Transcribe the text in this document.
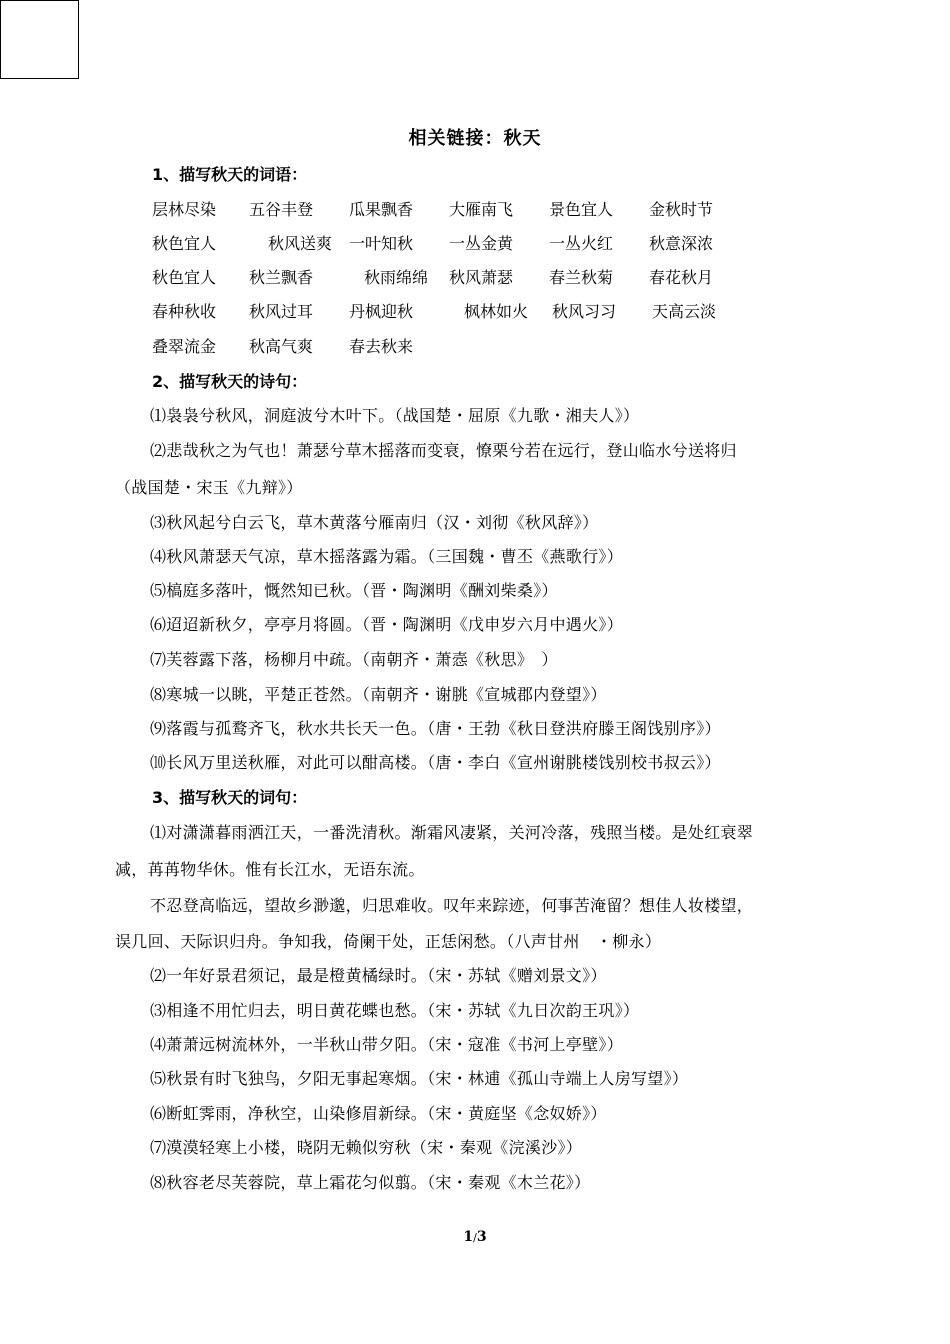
相关链接：秋天
1、描写秋天的词语：
层林尽染 五谷丰登 瓜果飘香 大雁南飞 景色宜人 金秋时节
秋色宜人	秋风送爽 一叶知秋 一丛金黄 一丛火红 秋意深浓
秋色宜人 秋兰飘香	秋雨绵绵 秋风萧瑟 春兰秋菊 春花秋月
春种秋收 秋风过耳 丹枫迎秋	枫林如火 秋风习习 天高云淡
叠翠流金 秋高气爽 春去秋来
2、描写秋天的诗句：
⑴袅袅兮秋风，洞庭波兮木叶下。（战国楚・屈原《九歌・湘夫人》）
⑵悲哉秋之为气也！萧瑟兮草木摇落而变衰，憭栗兮若在远行，登山临水兮送将归
（战国楚・宋玉《九辩》）
⑶秋风起兮白云飞，草木黄落兮雁南归（汉・刘彻《秋风辞》）
⑷秋风萧瑟天气凉，草木摇落露为霜。（三国魏・曹丕《燕歌行》）
⑸槁庭多落叶，慨然知已秋。（晋・陶渊明《酬刘柴桑》）
⑹迢迢新秋夕，亭亭月将圆。（晋・陶渊明《戊申岁六月中遇火》）
⑺芙蓉露下落，杨柳月中疏。（南朝齐・萧悫《秋思》　）
⑻寒城一以眺，平楚正苍然。（南朝齐・谢朓《宣城郡内登望》）
⑼落霞与孤鹜齐飞，秋水共长天一色。（唐・王勃《秋日登洪府滕王阁饯别序》）
⑽长风万里送秋雁，对此可以酣高楼。（唐・李白《宣州谢朓楼饯别校书叔云》）
3、描写秋天的词句：
⑴对潇潇暮雨洒江天，一番洗清秋。渐霜风凄紧，关河冷落，残照当楼。是处红衰翠
减，苒苒物华休。惟有长江水，无语东流。
不忍登高临远，望故乡渺邈，归思难收。叹年来踪迹，何事苦淹留？想佳人妆楼望，
误几回、天际识归舟。争知我，倚阑干处，正恁闲愁。（八声甘州　・柳永）
⑵一年好景君须记，最是橙黄橘绿时。（宋・苏轼《赠刘景文》）
⑶相逢不用忙归去，明日黄花蝶也愁。（宋・苏轼《九日次韵王巩》）
⑷萧萧远树流林外，一半秋山带夕阳。（宋・寇准《书河上亭壁》）
⑸秋景有时飞独鸟，夕阳无事起寒烟。（宋・林逋《孤山寺端上人房写望》）
⑹断虹霁雨，净秋空，山染修眉新绿。（宋・黄庭坚《念奴娇》）
⑺漠漠轻寒上小楼，晓阴无赖似穷秋（宋・秦观《浣溪沙》）
⑻秋容老尽芙蓉院，草上霜花匀似翦。（宋・秦观《木兰花》）
1/3
